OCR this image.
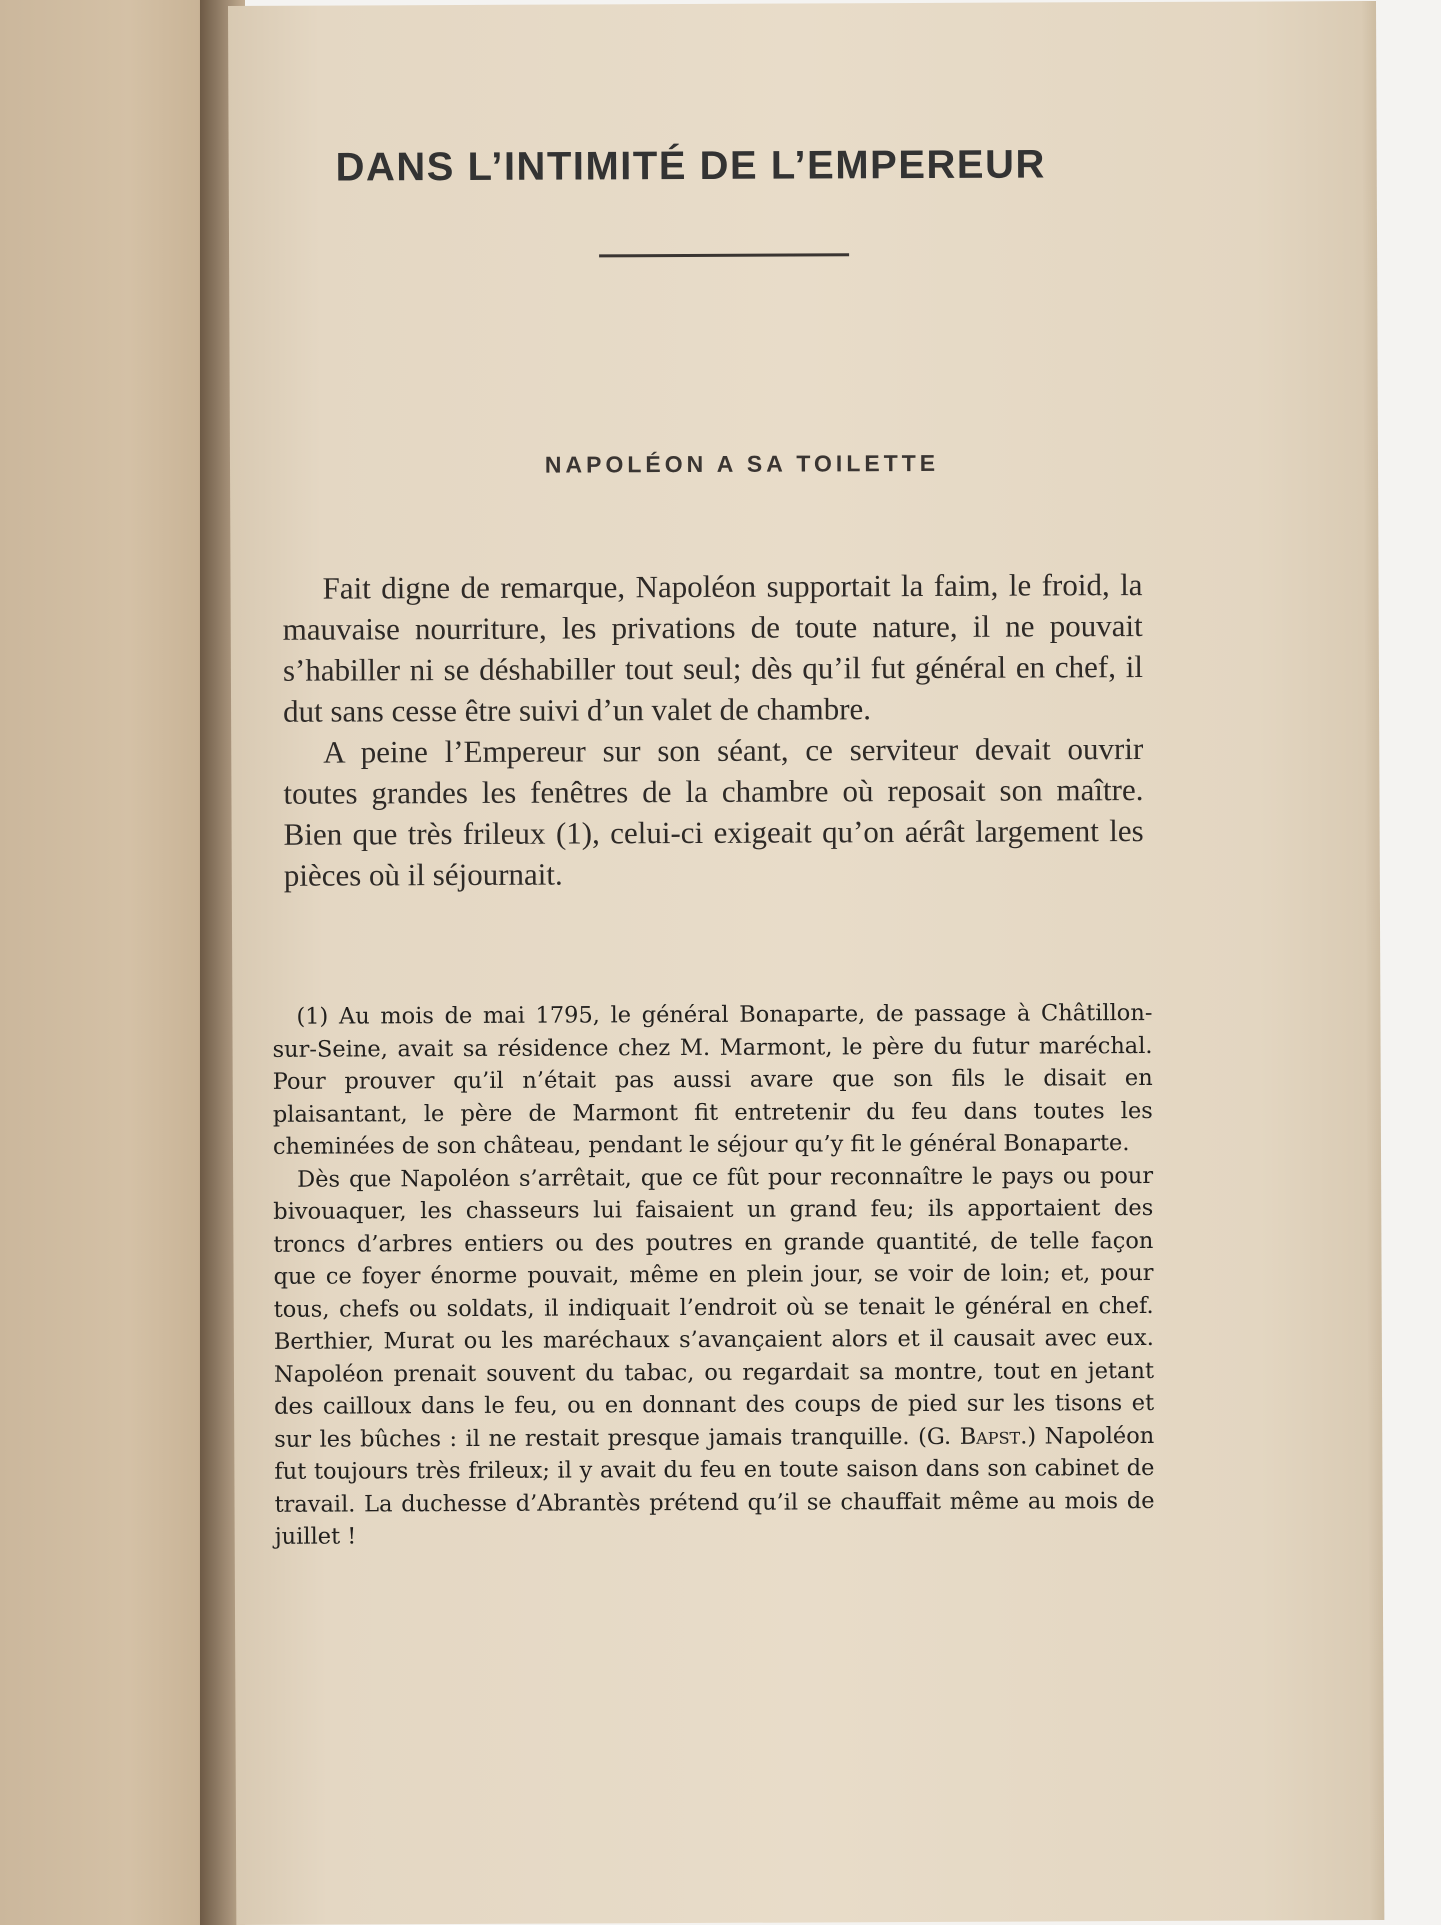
DANS L’INTIMITÉ DE L’EMPEREUR
NAPOLÉON A SA TOILETTE

Fait digne de remarque, Napoléon supportait la faim, le froid, la mauvaise nourriture, les privations de toute nature, il ne pouvait s’habiller ni se déshabiller tout seul; dès qu’il fut général en chef, il dut sans cesse être suivi d’un valet de chambre.

A peine l’Empereur sur son séant, ce serviteur devait ouvrir toutes grandes les fenêtres de la chambre où reposait son maître. Bien que très frileux (1), celui-ci exigeait qu’on aérât largement les pièces où il séjournait.

(1) Au mois de mai 1795, le général Bonaparte, de passage à Châtillon-sur-Seine, avait sa résidence chez M. Marmont, le père du futur maréchal. Pour prouver qu’il n’était pas aussi avare que son fils le disait en plaisantant, le père de Marmont fit entretenir du feu dans toutes les cheminées de son château, pendant le séjour qu’y fit le général Bonaparte.

Dès que Napoléon s’arrêtait, que ce fût pour reconnaître le pays ou pour bivouaquer, les chasseurs lui faisaient un grand feu; ils apportaient des troncs d’arbres entiers ou des poutres en grande quantité, de telle façon que ce foyer énorme pouvait, même en plein jour, se voir de loin; et, pour tous, chefs ou soldats, il indiquait l’endroit où se tenait le général en chef. Berthier, Murat ou les maréchaux s’avançaient alors et il causait avec eux. Napoléon prenait souvent du tabac, ou regardait sa montre, tout en jetant des cailloux dans le feu, ou en donnant des coups de pied sur les tisons et sur les bûches : il ne restait presque jamais tranquille. (G. Bapst.) Napoléon fut toujours très frileux; il y avait du feu en toute saison dans son cabinet de travail. La duchesse d’Abrantès prétend qu’il se chauffait même au mois de juillet !
